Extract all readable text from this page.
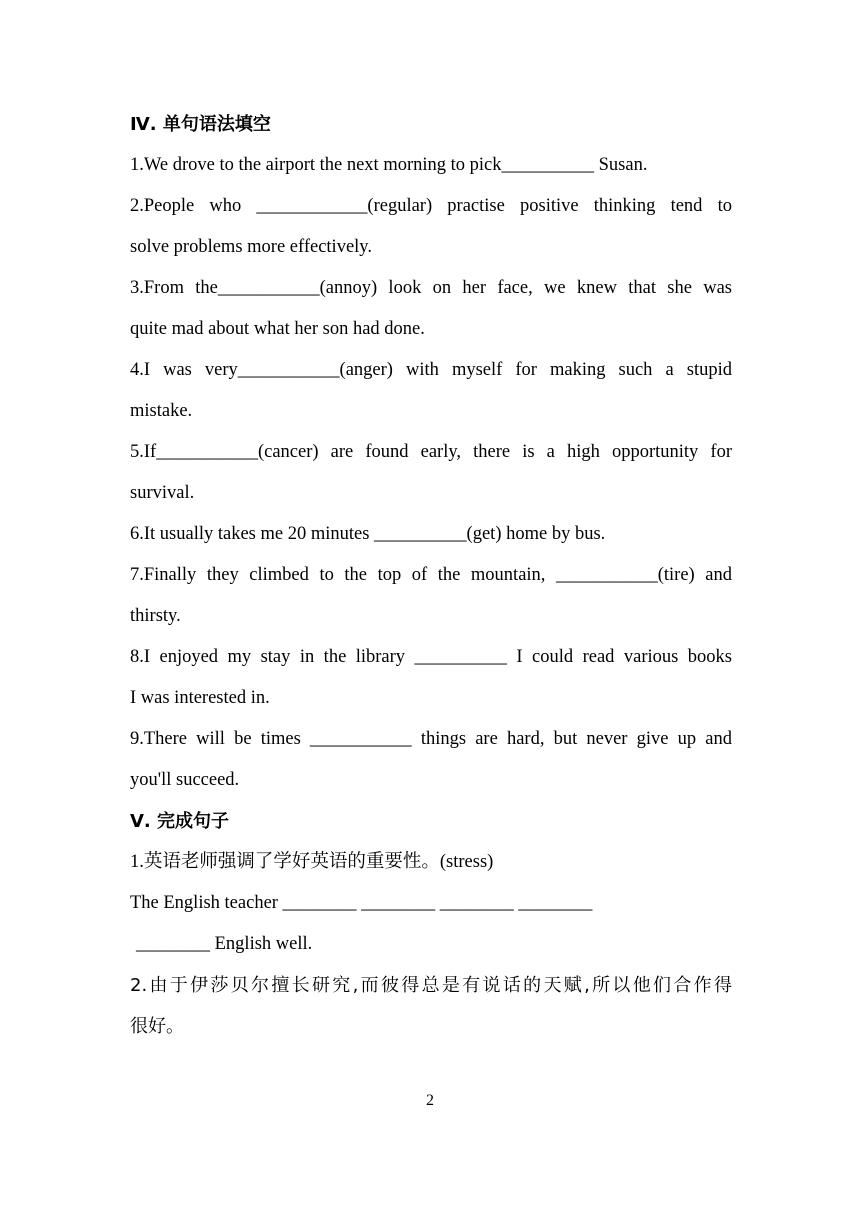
Ⅳ. 单句语法填空
1.We drove to the airport the next morning to pick__________ Susan.
2.People who ____________(regular) practise positive thinking tend to
solve problems more effectively.
3.From the___________(annoy) look on her face, we knew that she was
quite mad about what her son had done.
4.I was very___________(anger) with myself for making such a stupid
mistake.
5.If___________(cancer) are found early, there is a high opportunity for
survival.
6.It usually takes me 20 minutes __________(get) home by bus.
7.Finally they climbed to the top of the mountain, ___________(tire) and
thirsty.
8.I enjoyed my stay in the library __________ I could read various books
I was interested in.
9.There will be times ___________ things are hard, but never give up and
you'll succeed.
Ⅴ. 完成句子
1.英语老师强调了学好英语的重要性。(stress)
The English teacher ________ ________ ________ ________
________ English well.
2.由于伊莎贝尔擅长研究,而彼得总是有说话的天赋,所以他们合作得
很好。
2
